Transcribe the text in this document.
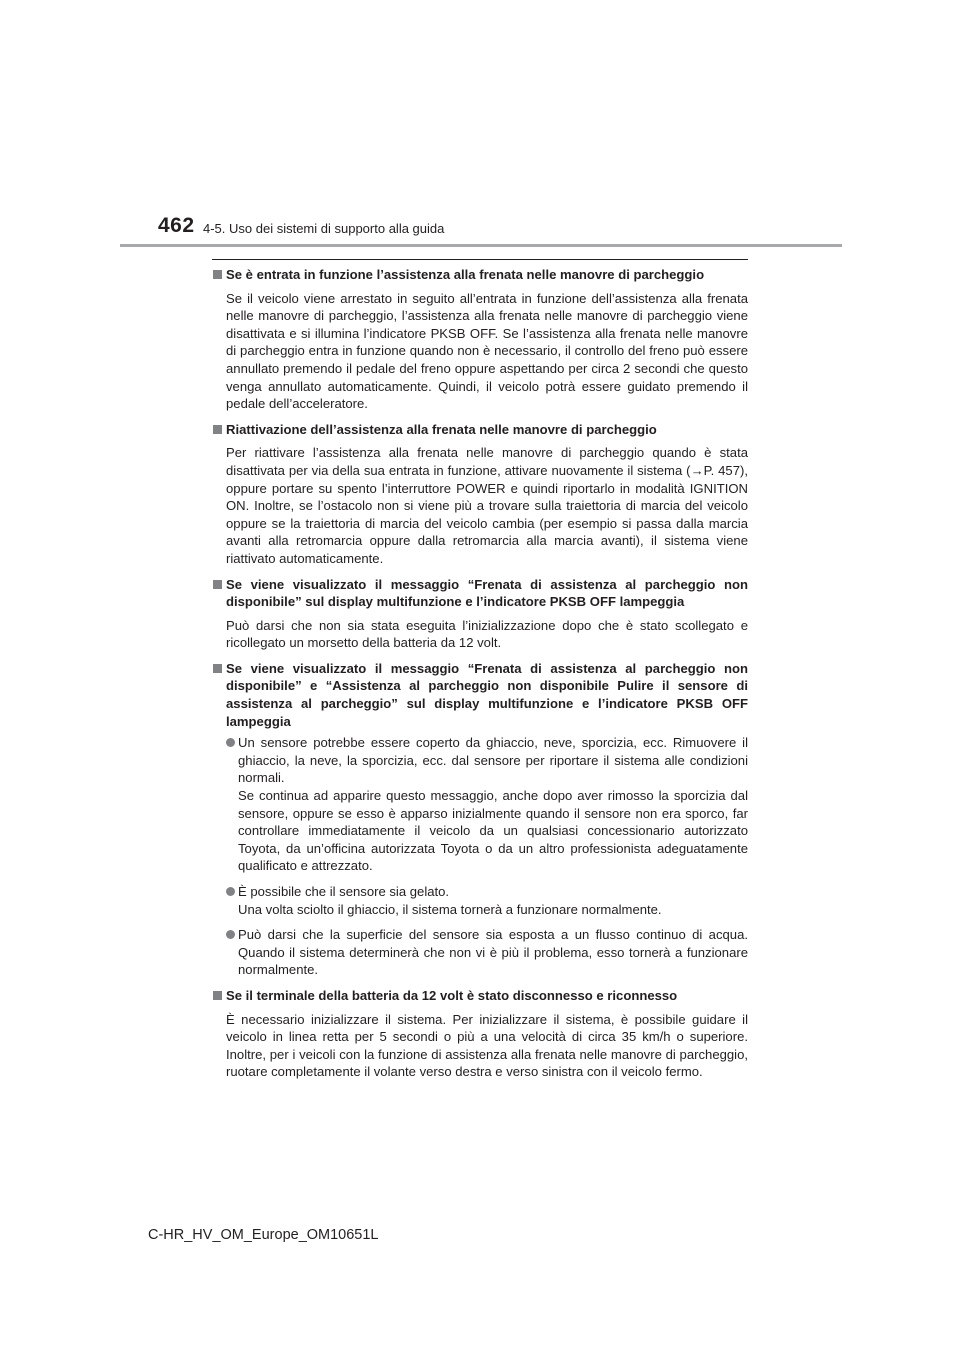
462 4-5. Uso dei sistemi di supporto alla guida
Se è entrata in funzione l’assistenza alla frenata nelle manovre di parcheggio
Se il veicolo viene arrestato in seguito all’entrata in funzione dell’assistenza alla frenata nelle manovre di parcheggio, l’assistenza alla frenata nelle manovre di parcheggio viene disattivata e si illumina l’indicatore PKSB OFF. Se l’assistenza alla frenata nelle manovre di parcheggio entra in funzione quando non è necessario, il controllo del freno può essere annullato premendo il pedale del freno oppure aspettando per circa 2 secondi che questo venga annullato automaticamente. Quindi, il veicolo potrà essere guidato premendo il pedale dell’acceleratore.
Riattivazione dell’assistenza alla frenata nelle manovre di parcheggio
Per riattivare l’assistenza alla frenata nelle manovre di parcheggio quando è stata disattivata per via della sua entrata in funzione, attivare nuovamente il sistema (→P. 457), oppure portare su spento l’interruttore POWER e quindi riportarlo in modalità IGNITION ON. Inoltre, se l’ostacolo non si viene più a trovare sulla traiettoria di marcia del veicolo oppure se la traiettoria di marcia del veicolo cambia (per esempio si passa dalla marcia avanti alla retromarcia oppure dalla retromarcia alla marcia avanti), il sistema viene riattivato automaticamente.
Se viene visualizzato il messaggio “Frenata di assistenza al parcheggio non disponibile” sul display multifunzione e l’indicatore PKSB OFF lampeggia
Può darsi che non sia stata eseguita l’inizializzazione dopo che è stato scollegato e ricollegato un morsetto della batteria da 12 volt.
Se viene visualizzato il messaggio “Frenata di assistenza al parcheggio non disponibile” e “Assistenza al parcheggio non disponibile Pulire il sensore di assistenza al parcheggio” sul display multifunzione e l’indicatore PKSB OFF lampeggia
Un sensore potrebbe essere coperto da ghiaccio, neve, sporcizia, ecc. Rimuovere il ghiaccio, la neve, la sporcizia, ecc. dal sensore per riportare il sistema alle condizioni normali.
Se continua ad apparire questo messaggio, anche dopo aver rimosso la sporcizia dal sensore, oppure se esso è apparso inizialmente quando il sensore non era sporco, far controllare immediatamente il veicolo da un qualsiasi concessionario autorizzato Toyota, da un’officina autorizzata Toyota o da un altro professionista adeguatamente qualificato e attrezzato.
È possibile che il sensore sia gelato.
Una volta sciolto il ghiaccio, il sistema tornerà a funzionare normalmente.
Può darsi che la superficie del sensore sia esposta a un flusso continuo di acqua. Quando il sistema determinerà che non vi è più il problema, esso tornerà a funzionare normalmente.
Se il terminale della batteria da 12 volt è stato disconnesso e riconnesso
È necessario inizializzare il sistema. Per inizializzare il sistema, è possibile guidare il veicolo in linea retta per 5 secondi o più a una velocità di circa 35 km/h o superiore. Inoltre, per i veicoli con la funzione di assistenza alla frenata nelle manovre di parcheggio, ruotare completamente il volante verso destra e verso sinistra con il veicolo fermo.
C-HR_HV_OM_Europe_OM10651L
